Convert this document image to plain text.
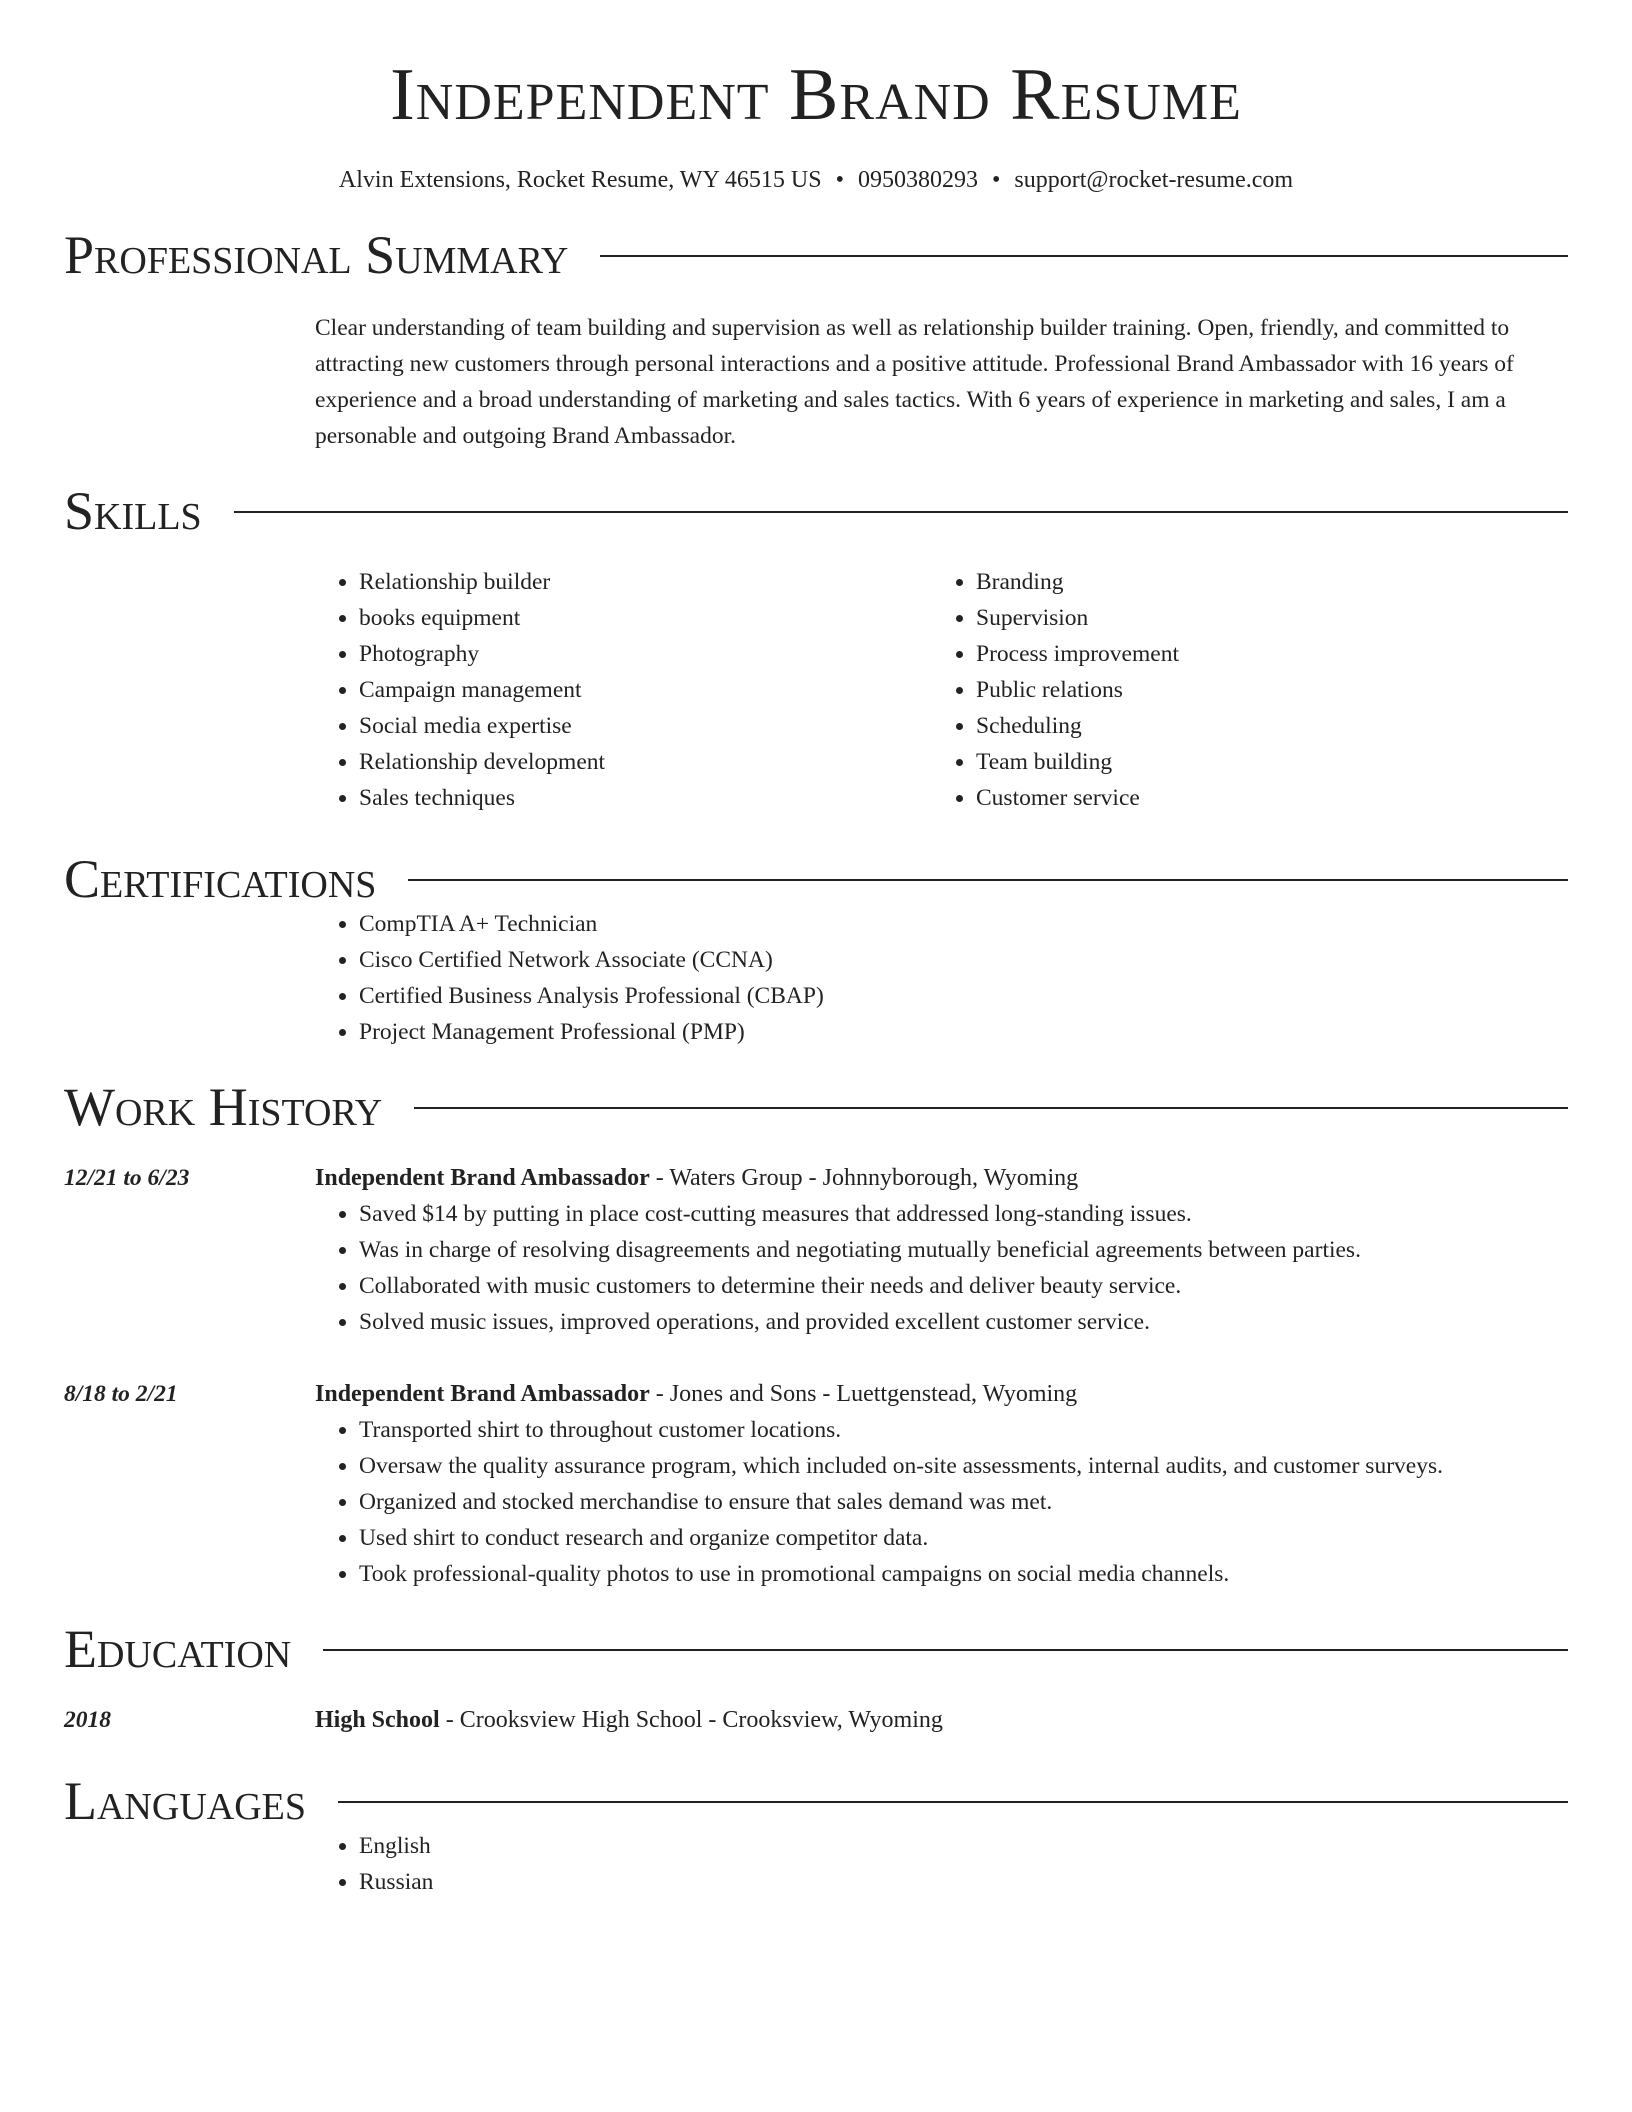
Independent Brand Resume
Alvin Extensions, Rocket Resume, WY 46515 US • 0950380293 • support@rocket-resume.com
Professional Summary

Clear understanding of team building and supervision as well as relationship builder training. Open, friendly, and committed to attracting new customers through personal interactions and a positive attitude. Professional Brand Ambassador with 16 years of experience and a broad understanding of marketing and sales tactics. With 6 years of experience in marketing and sales, I am a personable and outgoing Brand Ambassador.

Skills
• Relationship builder
• books equipment
• Photography
• Campaign management
• Social media expertise
• Relationship development
• Sales techniques
• Branding
• Supervision
• Process improvement
• Public relations
• Scheduling
• Team building
• Customer service
Certifications
• CompTIA A+ Technician
• Cisco Certified Network Associate (CCNA)
• Certified Business Analysis Professional (CBAP)
• Project Management Professional (PMP)
Work History
12/21 to 6/23	Independent Brand Ambassador - Waters Group - Johnnyborough, Wyoming
• Saved $14 by putting in place cost-cutting measures that addressed long-standing issues.
• Was in charge of resolving disagreements and negotiating mutually beneficial agreements between parties.
• Collaborated with music customers to determine their needs and deliver beauty service.
• Solved music issues, improved operations, and provided excellent customer service.
8/18 to 2/21	Independent Brand Ambassador - Jones and Sons - Luettgenstead, Wyoming
• Transported shirt to throughout customer locations.
• Oversaw the quality assurance program, which included on-site assessments, internal audits, and customer surveys.
• Organized and stocked merchandise to ensure that sales demand was met.
• Used shirt to conduct research and organize competitor data.
• Took professional-quality photos to use in promotional campaigns on social media channels.
Education
2018	High School - Crooksview High School - Crooksview, Wyoming
Languages
• English
• Russian
